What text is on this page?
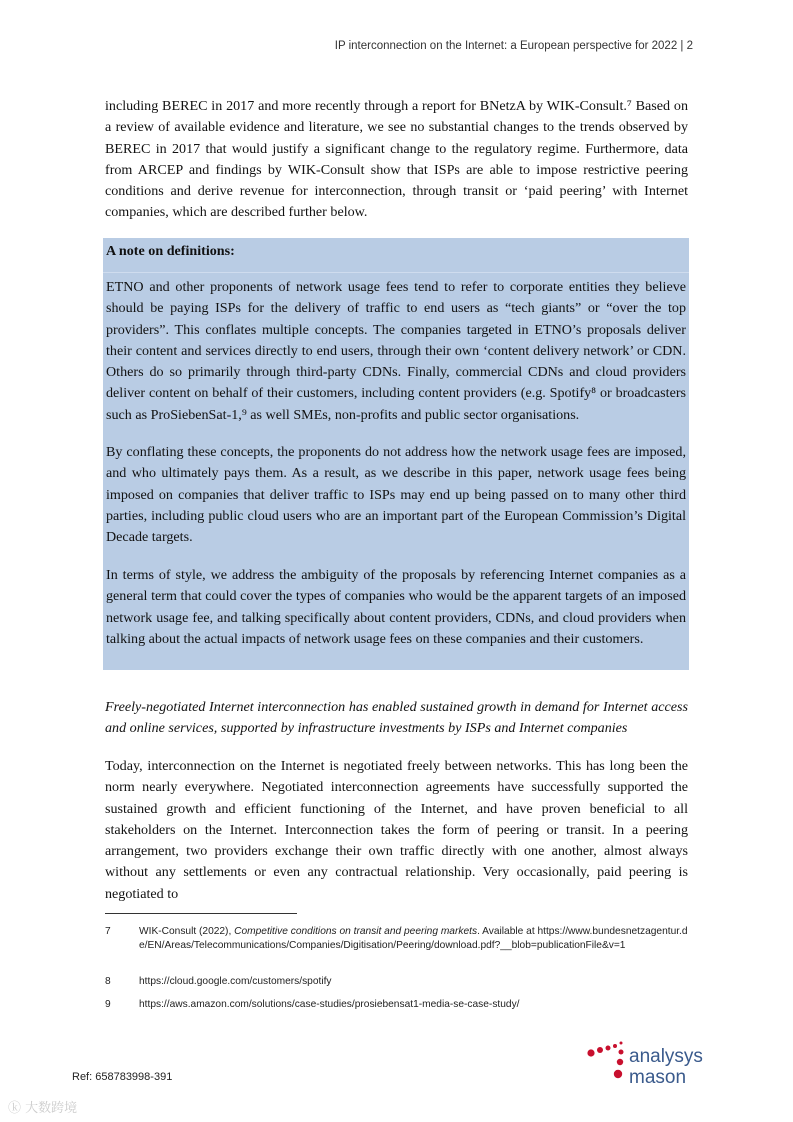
IP interconnection on the Internet: a European perspective for 2022 | 2

including BEREC in 2017 and more recently through a report for BNetzA by WIK-Consult.⁷ Based on a review of available evidence and literature, we see no substantial changes to the trends observed by BEREC in 2017 that would justify a significant change to the regulatory regime. Furthermore, data from ARCEP and findings by WIK-Consult show that ISPs are able to impose restrictive peering conditions and derive revenue for interconnection, through transit or ‘paid peering’ with Internet companies, which are described further below.

A note on definitions:

ETNO and other proponents of network usage fees tend to refer to corporate entities they believe should be paying ISPs for the delivery of traffic to end users as “tech giants” or “over the top providers”. This conflates multiple concepts. The companies targeted in ETNO’s proposals deliver their content and services directly to end users, through their own ‘content delivery network’ or CDN. Others do so primarily through third-party CDNs. Finally, commercial CDNs and cloud providers deliver content on behalf of their customers, including content providers (e.g. Spotify⁸ or broadcasters such as ProSiebenSat-1,⁹ as well SMEs, non-profits and public sector organisations.

By conflating these concepts, the proponents do not address how the network usage fees are imposed, and who ultimately pays them. As a result, as we describe in this paper, network usage fees being imposed on companies that deliver traffic to ISPs may end up being passed on to many other third parties, including public cloud users who are an important part of the European Commission’s Digital Decade targets.

In terms of style, we address the ambiguity of the proposals by referencing Internet companies as a general term that could cover the types of companies who would be the apparent targets of an imposed network usage fee, and talking specifically about content providers, CDNs, and cloud providers when talking about the actual impacts of network usage fees on these companies and their customers.

Freely-negotiated Internet interconnection has enabled sustained growth in demand for Internet access and online services, supported by infrastructure investments by ISPs and Internet companies

Today, interconnection on the Internet is negotiated freely between networks. This has long been the norm nearly everywhere. Negotiated interconnection agreements have successfully supported the sustained growth and efficient functioning of the Internet, and have proven beneficial to all stakeholders on the Internet. Interconnection takes the form of peering or transit. In a peering arrangement, two providers exchange their own traffic directly with one another, almost always without any settlements or even any contractual relationship. Very occasionally, paid peering is negotiated to

7	WIK-Consult (2022), Competitive conditions on transit and peering markets. Available at https://www.bundesnetzagentur.de/EN/Areas/Telecommunications/Companies/Digitisation/Peering/download.pdf?__blob=publicationFile&v=1
8	https://cloud.google.com/customers/spotify
9	https://aws.amazon.com/solutions/case-studies/prosiebensat1-media-se-case-study/
Ref: 658783998-391
analysys
mason
ⓚ 大数跨境
